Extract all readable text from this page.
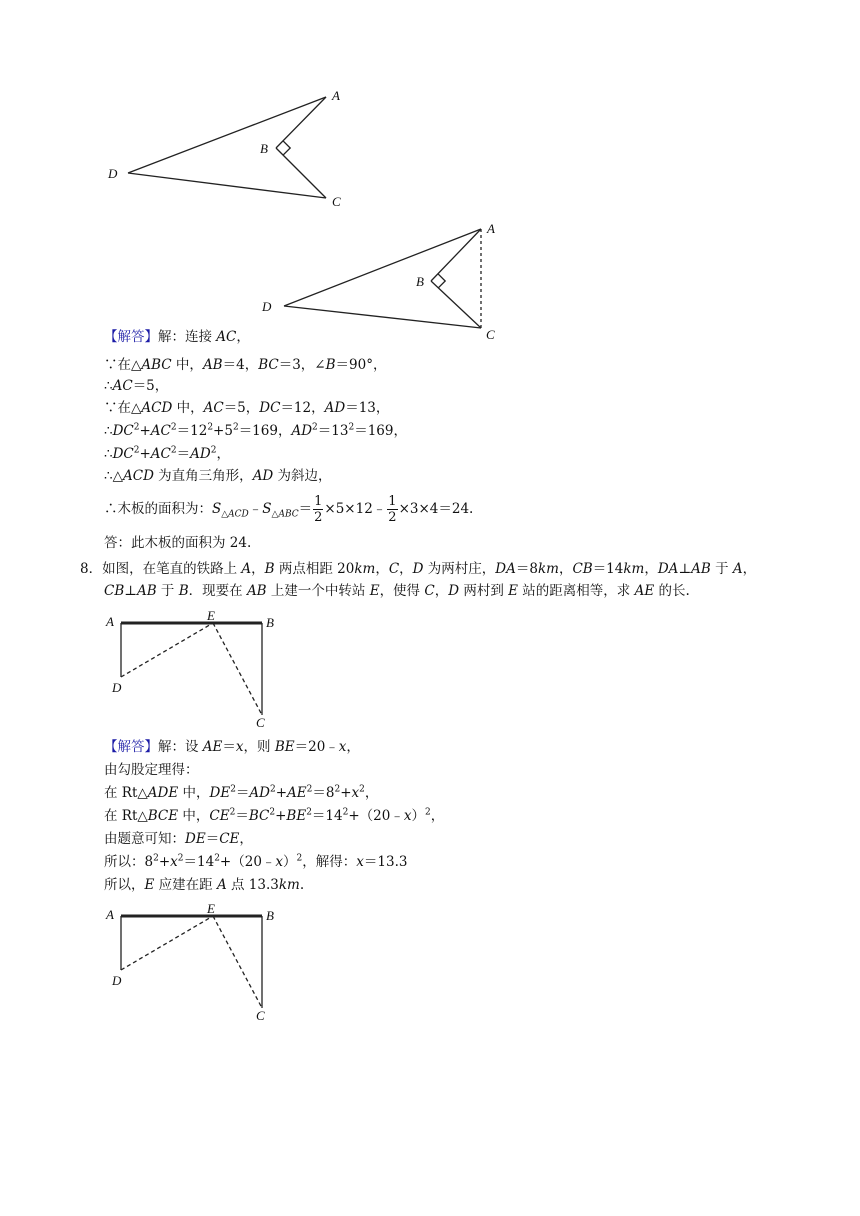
A
B
C
D
A
B
C
D
【解答】解：连接 AC，
∵在△ABC 中，AB＝4，BC＝3，∠B＝90°，
∴AC＝5，
∵在△ACD 中，AC＝5，DC＝12，AD＝13，
$\therefore DC^2+AC^2=12^2+5^2=169$，$AD^2=13^2=169$，
$\therefore DC^2+AC^2=AD^2$，
∴△ACD 为直角三角形，AD 为斜边，
∴木板的面积为：$S_{\triangle ACD}﹣S_{\triangle ABC}= \frac{1}{2}$ ×5×12﹣ $\frac{1}{2} \times 3\times 4=24$.
答：此木板的面积为 24.
8．如图，在笔直的铁路上 A，B 两点相距 20km，C，D 为两村庄，DA＝8km，CB＝14km，DA⊥AB 于 A，
CB⊥AB 于 B．现要在 AB 上建一个中转站 E，使得 C，D 两村到 E 站的距离相等，求 AE 的长.
A	E	B
D
C
【解答】解：设 AE＝x，则 BE＝20﹣x，
由勾股定理得：
在 Rt△ADE 中，$DE^2=AD^2+AE^2=8^2+x^2$，
在 Rt△BCE 中，$CE^2=BC^2+BE^2=14^2+(20﹣x)^2$，
由题意可知：DE＝CE，
所以：$8^2+x^2=14^2+(20﹣x)^2$，解得：x＝13.3
所以，E 应建在距 A 点 13.3km.
A	E	B
D
C
